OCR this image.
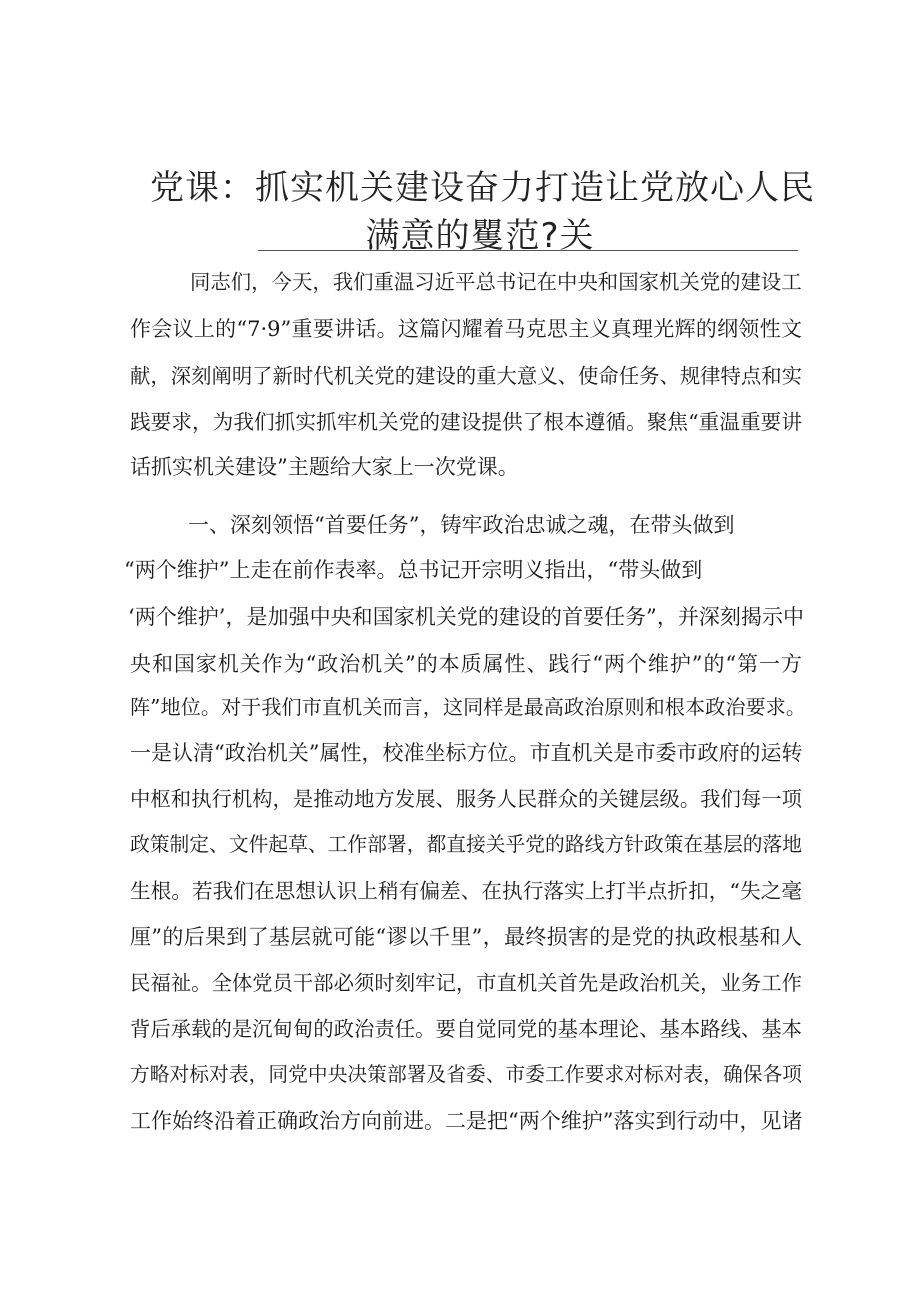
党课：抓实机关建设奋力打造让党放心人民
满意的矍范?关
同志们，今天，我们重温习近平总书记在中央和国家机关党的建设工
作会议上的“7·9”重要讲话。这篇闪耀着马克思主义真理光辉的纲领性文
献，深刻阐明了新时代机关党的建设的重大意义、使命任务、规律特点和实
践要求，为我们抓实抓牢机关党的建设提供了根本遵循。聚焦“重温重要讲
话抓实机关建设”主题给大家上一次党课。
一、深刻领悟“首要任务”，铸牢政治忠诚之魂，在带头做到
“两个维护”上走在前作表率。总书记开宗明义指出，“带头做到
‘两个维护’，是加强中央和国家机关党的建设的首要任务”，并深刻揭示中
央和国家机关作为“政治机关”的本质属性、践行“两个维护”的“第一方
阵”地位。对于我们市直机关而言，这同样是最高政治原则和根本政治要求。
一是认清“政治机关”属性，校准坐标方位。市直机关是市委市政府的运转
中枢和执行机构，是推动地方发展、服务人民群众的关键层级。我们每一项
政策制定、文件起草、工作部署，都直接关乎党的路线方针政策在基层的落地
生根。若我们在思想认识上稍有偏差、在执行落实上打半点折扣，“失之毫
厘”的后果到了基层就可能“谬以千里”，最终损害的是党的执政根基和人
民福祉。全体党员干部必须时刻牢记，市直机关首先是政治机关，业务工作
背后承载的是沉甸甸的政治责任。要自觉同党的基本理论、基本路线、基本
方略对标对表，同党中央决策部署及省委、市委工作要求对标对表，确保各项
工作始终沿着正确政治方向前进。二是把“两个维护”落实到行动中，见诸
